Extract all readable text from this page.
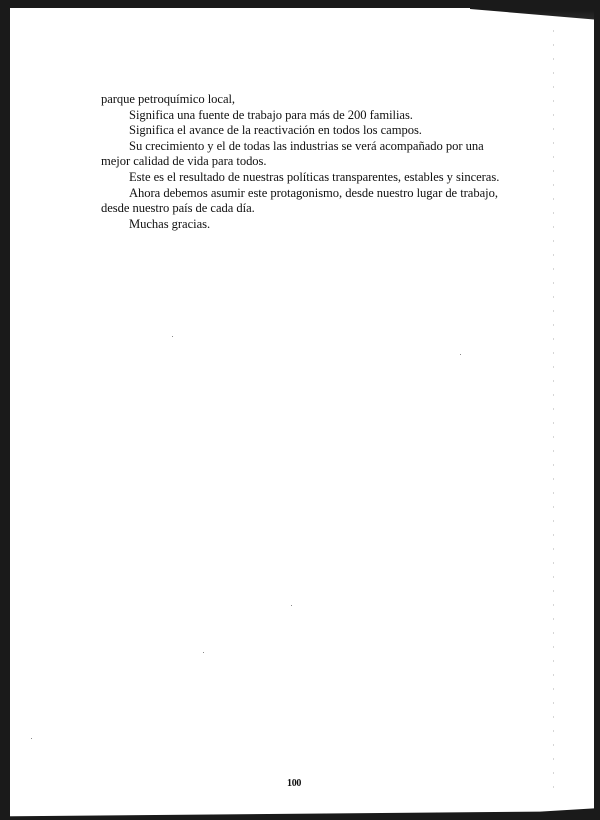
parque petroquímico local,
Significa una fuente de trabajo para más de 200 familias.
Significa el avance de la reactivación en todos los campos.
Su crecimiento y el de todas las industrias se verá acompañado por una
mejor calidad de vida para todos.
Este es el resultado de nuestras políticas transparentes, estables y sinceras.
Ahora debemos asumir este protagonismo, desde nuestro lugar de trabajo,
desde nuestro país de cada día.
Muchas gracias.
100
